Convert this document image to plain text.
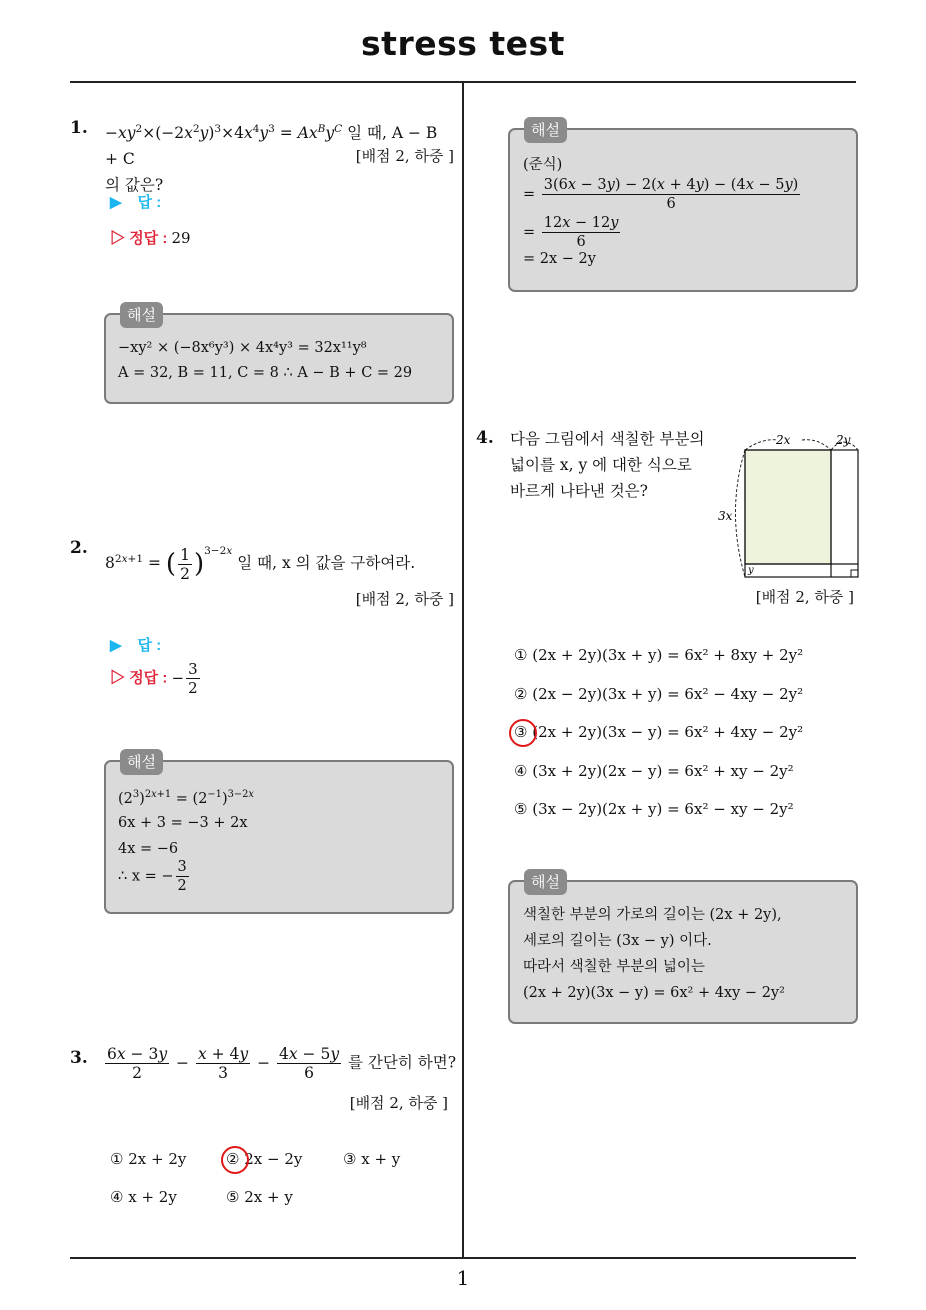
stress test
1
1. $-xy^2\times(-2x^2y)^3\times 4x^4y^3 = Ax^By^C$ 일 때, A − B + C
의 값은?
[배점 2, 하중 ]
▶ 답 :
▷ 정답 : 29
−xy² × (−8x⁶y³) × 4x⁴y³ = 32x¹¹y⁸
A = 32, B = 11, C = 8 ∴ A − B + C = 29
해설
2.
$8^{2x+1}$ = ( $\frac{1}{2} )^{3-2x}$ 일 때, x 의 값을 구하여라.
[배점 2, 하중 ]
▶ 답 :
▷ 정답 : − $\frac{3}{2}$
$(2^3)^{2x+1} = (2^{-1})^{3-2x}$
6x + 3 = −3 + 2x
4x = −6
∴ x = − $\frac{3}{2}$
해설
3. $\frac{6x - 3y}{2} - \frac{x + 4y}{3} - \frac{4x - 5y}{6}$ 를 간단히 하면?
[배점 2, 하중 ]
① 2x + 2y	② 2x − 2y	③ x + y
④ x + 2y	⑤ 2x + y
(준식)
= $\frac{3(6x - 3y) - 2(x + 4y) - (4x - 5y)}{6}$
= $\frac{12x - 12y}{6}$
= 2x − 2y
해설
4. 다음 그림에서 색칠한 부분의
넓이를 x, y 에 대한 식으로
바르게 나타낸 것은?
2x	2y
3x
y
[배점 2, 하중 ]
① (2x + 2y)(3x + y) = 6x² + 8xy + 2y²
② (2x − 2y)(3x + y) = 6x² − 4xy − 2y²
③ (2x + 2y)(3x − y) = 6x² + 4xy − 2y²
④ (3x + 2y)(2x − y) = 6x² + xy − 2y²
⑤ (3x − 2y)(2x + y) = 6x² − xy − 2y²
색칠한 부분의 가로의 길이는 (2x + 2y),
세로의 길이는 (3x − y) 이다.
따라서 색칠한 부분의 넓이는
(2x + 2y)(3x − y) = 6x² + 4xy − 2y²
해설
